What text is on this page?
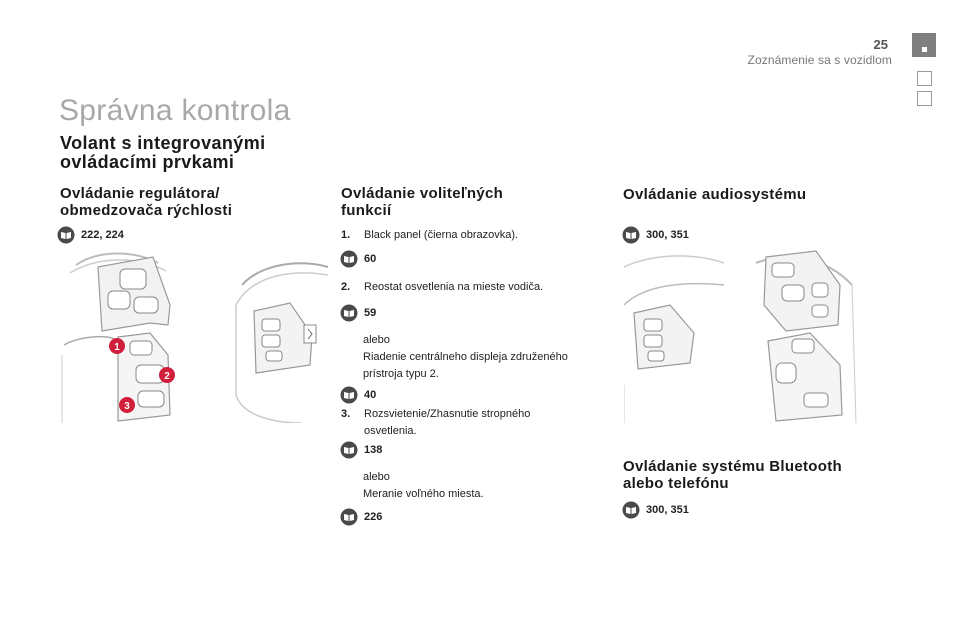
25
Zoznámenie sa s vozidlom
Správna kontrola
Volant s integrovanými
ovládacími prvkami
Ovládanie regulátora/
obmedzovača rýchlosti
222, 224
1
2
3
Ovládanie voliteľných
funkcií
1. Black panel (čierna obrazovka).
60
2. Reostat osvetlenia na mieste vodiča.
59
alebo
Riadenie centrálneho displeja združeného prístroja typu 2.
40
3. Rozsvietenie/Zhasnutie stropného osvetlenia.
138
alebo
Meranie voľného miesta.
226
Ovládanie audiosystému
300, 351
Ovládanie systému Bluetooth
alebo telefónu
300, 351
